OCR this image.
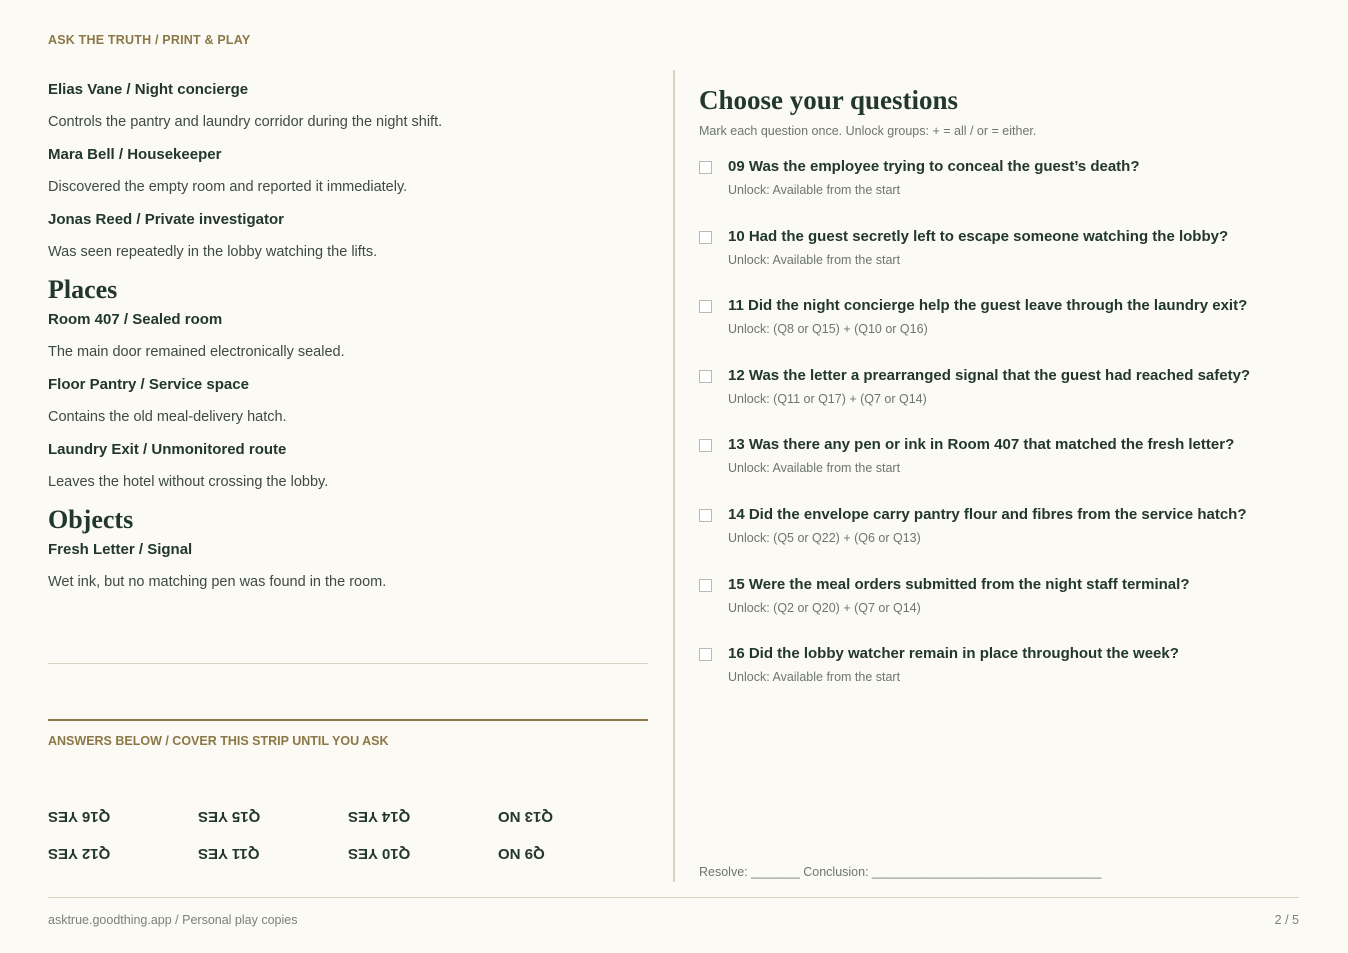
ASK THE TRUTH / PRINT & PLAY
Elias Vane / Night concierge
Controls the pantry and laundry corridor during the night shift.
Mara Bell / Housekeeper
Discovered the empty room and reported it immediately.
Jonas Reed / Private investigator
Was seen repeatedly in the lobby watching the lifts.
Places
Room 407 / Sealed room
The main door remained electronically sealed.
Floor Pantry / Service space
Contains the old meal-delivery hatch.
Laundry Exit / Unmonitored route
Leaves the hotel without crossing the lobby.
Objects
Fresh Letter / Signal
Wet ink, but no matching pen was found in the room.
ANSWERS BELOW / COVER THIS STRIP UNTIL YOU ASK
Q16 YES	Q15 YES	Q14 YES	Q13 NO
Q12 YES	Q11 YES	Q10 YES	Q9 NO
Choose your questions
Mark each question once. Unlock groups: + = all / or = either.
09 Was the employee trying to conceal the guest’s death?
Unlock: Available from the start
10 Had the guest secretly left to escape someone watching the lobby?
Unlock: Available from the start
11 Did the night concierge help the guest leave through the laundry exit?
Unlock: (Q8 or Q15) + (Q10 or Q16)
12 Was the letter a prearranged signal that the guest had reached safety?
Unlock: (Q11 or Q17) + (Q7 or Q14)
13 Was there any pen or ink in Room 407 that matched the fresh letter?
Unlock: Available from the start
14 Did the envelope carry pantry flour and fibres from the service hatch?
Unlock: (Q5 or Q22) + (Q6 or Q13)
15 Were the meal orders submitted from the night staff terminal?
Unlock: (Q2 or Q20) + (Q7 or Q14)
16 Did the lobby watcher remain in place throughout the week?
Unlock: Available from the start
Resolve: _______ Conclusion: _________________________________
asktrue.goodthing.app / Personal play copies	2 / 5
